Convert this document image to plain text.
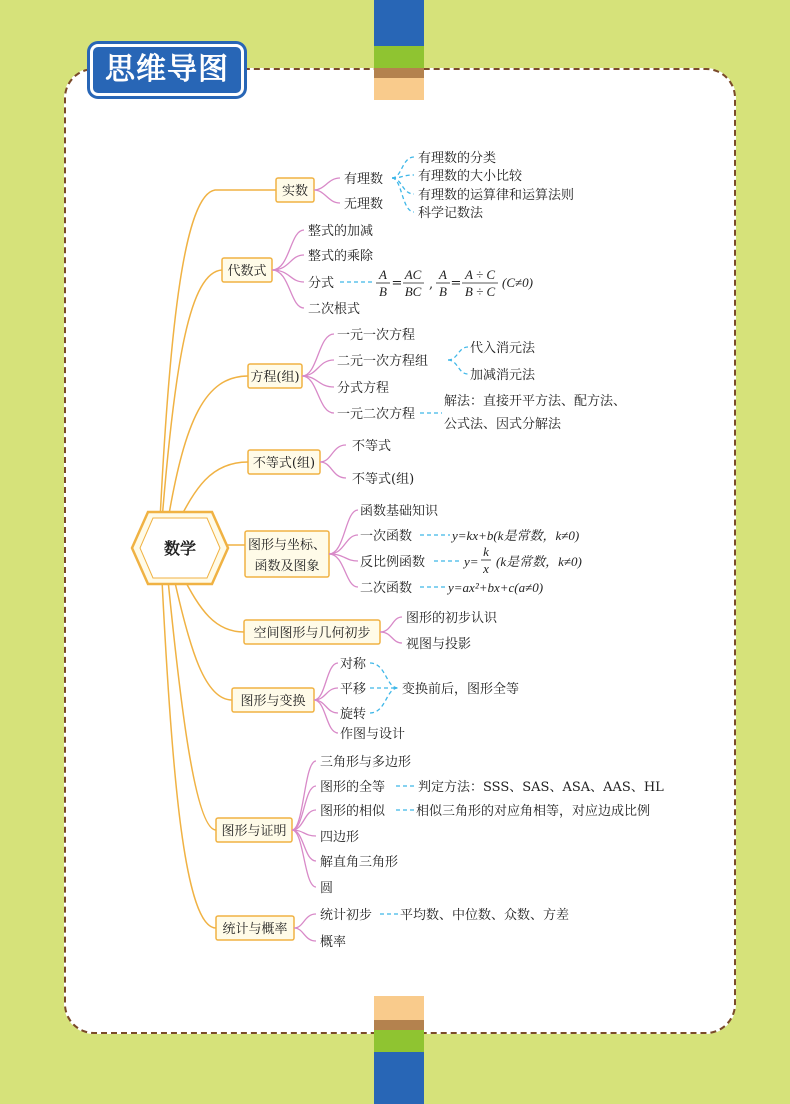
思维导图
数学
实数
有理数
无理数
有理数的分类
有理数的大小比较
有理数的运算律和运算法则
科学记数法
代数式
整式的加减
整式的乘除
分式
二次根式
A
B
=
AC
BC ,
A
B
=
A ÷ C
B ÷ C
(C≠0)
方程(组)
一元一次方程
二元一次方程组
分式方程
一元二次方程
代入消元法
加减消元法
解法：直接开平方法、配方法、
公式法、因式分解法
不等式(组)
不等式
不等式(组)
图形与坐标、
函数及图象
函数基础知识
一次函数
反比例函数
二次函数
y=kx+b(k是常数，k≠0)
y=
k
x (k是常数，k≠0)
y=ax²+bx+c(a≠0)
空间图形与几何初步
图形的初步认识
视图与投影
图形与变换
对称
平移
旋转
作图与设计
变换前后，图形全等
图形与证明
三角形与多边形
图形的全等
图形的相似
四边形
解直角三角形
圆
判定方法：SSS、SAS、ASA、AAS、HL
相似三角形的对应角相等，对应边成比例
统计与概率
统计初步
概率
平均数、中位数、众数、方差
